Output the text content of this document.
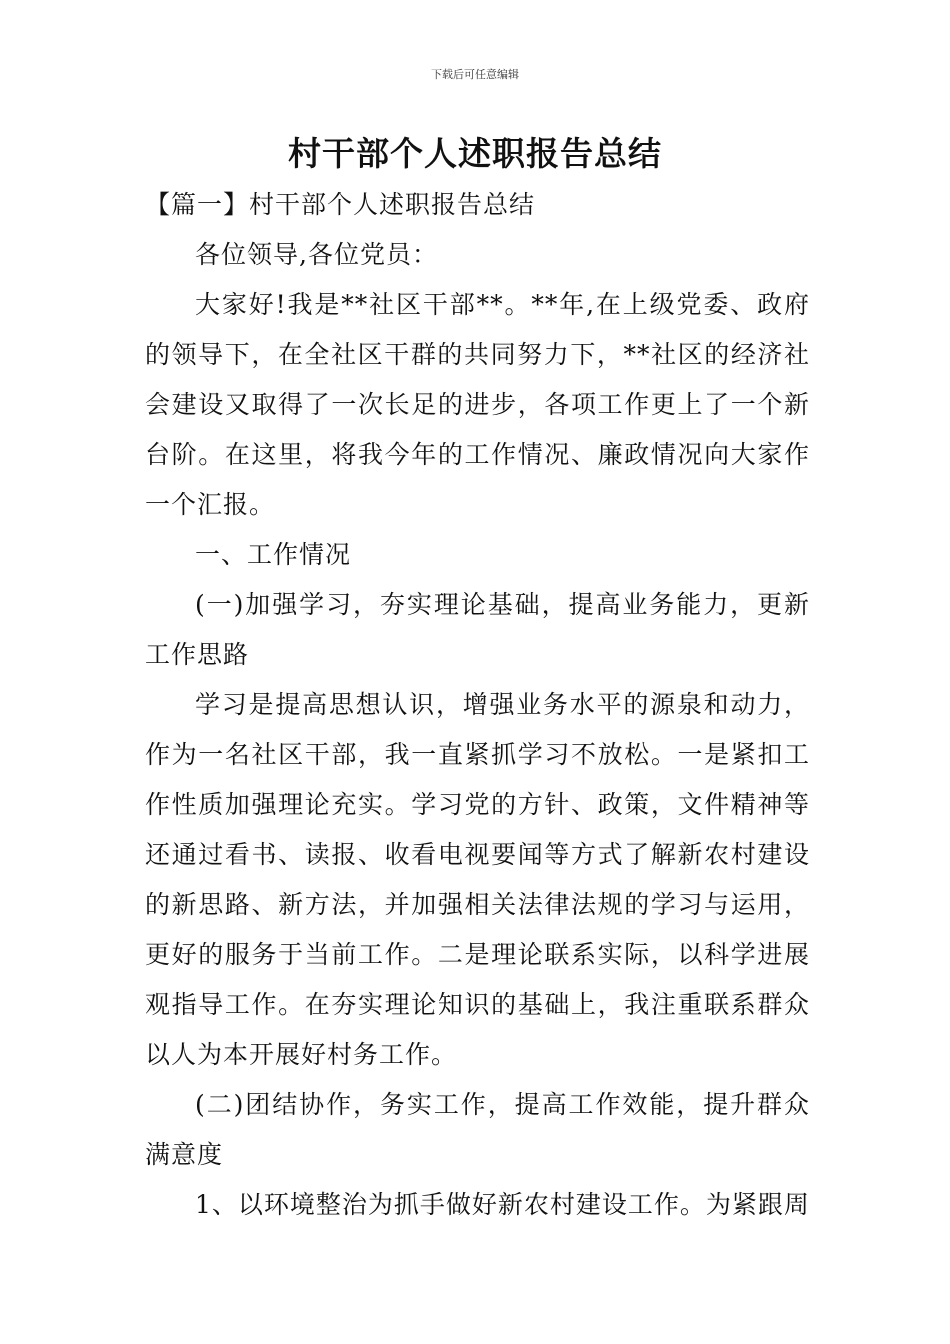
下载后可任意编辑
村干部个人述职报告总结

【篇一】村干部个人述职报告总结

各位领导,各位党员：

大家好!我是**社区干部**。**年,在上级党委、政府的领导下，在全社区干群的共同努力下，**社区的经济社会建设又取得了一次长足的进步，各项工作更上了一个新台阶。在这里，将我今年的工作情况、廉政情况向大家作一个汇报。

一、工作情况

(一)加强学习，夯实理论基础，提高业务能力，更新工作思路

学习是提高思想认识，增强业务水平的源泉和动力，作为一名社区干部，我一直紧抓学习不放松。一是紧扣工作性质加强理论充实。学习党的方针、政策，文件精神等还通过看书、读报、收看电视要闻等方式了解新农村建设的新思路、新方法，并加强相关法律法规的学习与运用，更好的服务于当前工作。二是理论联系实际，以科学进展观指导工作。在夯实理论知识的基础上，我注重联系群众以人为本开展好村务工作。

(二)团结协作，务实工作，提高工作效能，提升群众满意度

1、以环境整治为抓手做好新农村建设工作。为紧跟周
